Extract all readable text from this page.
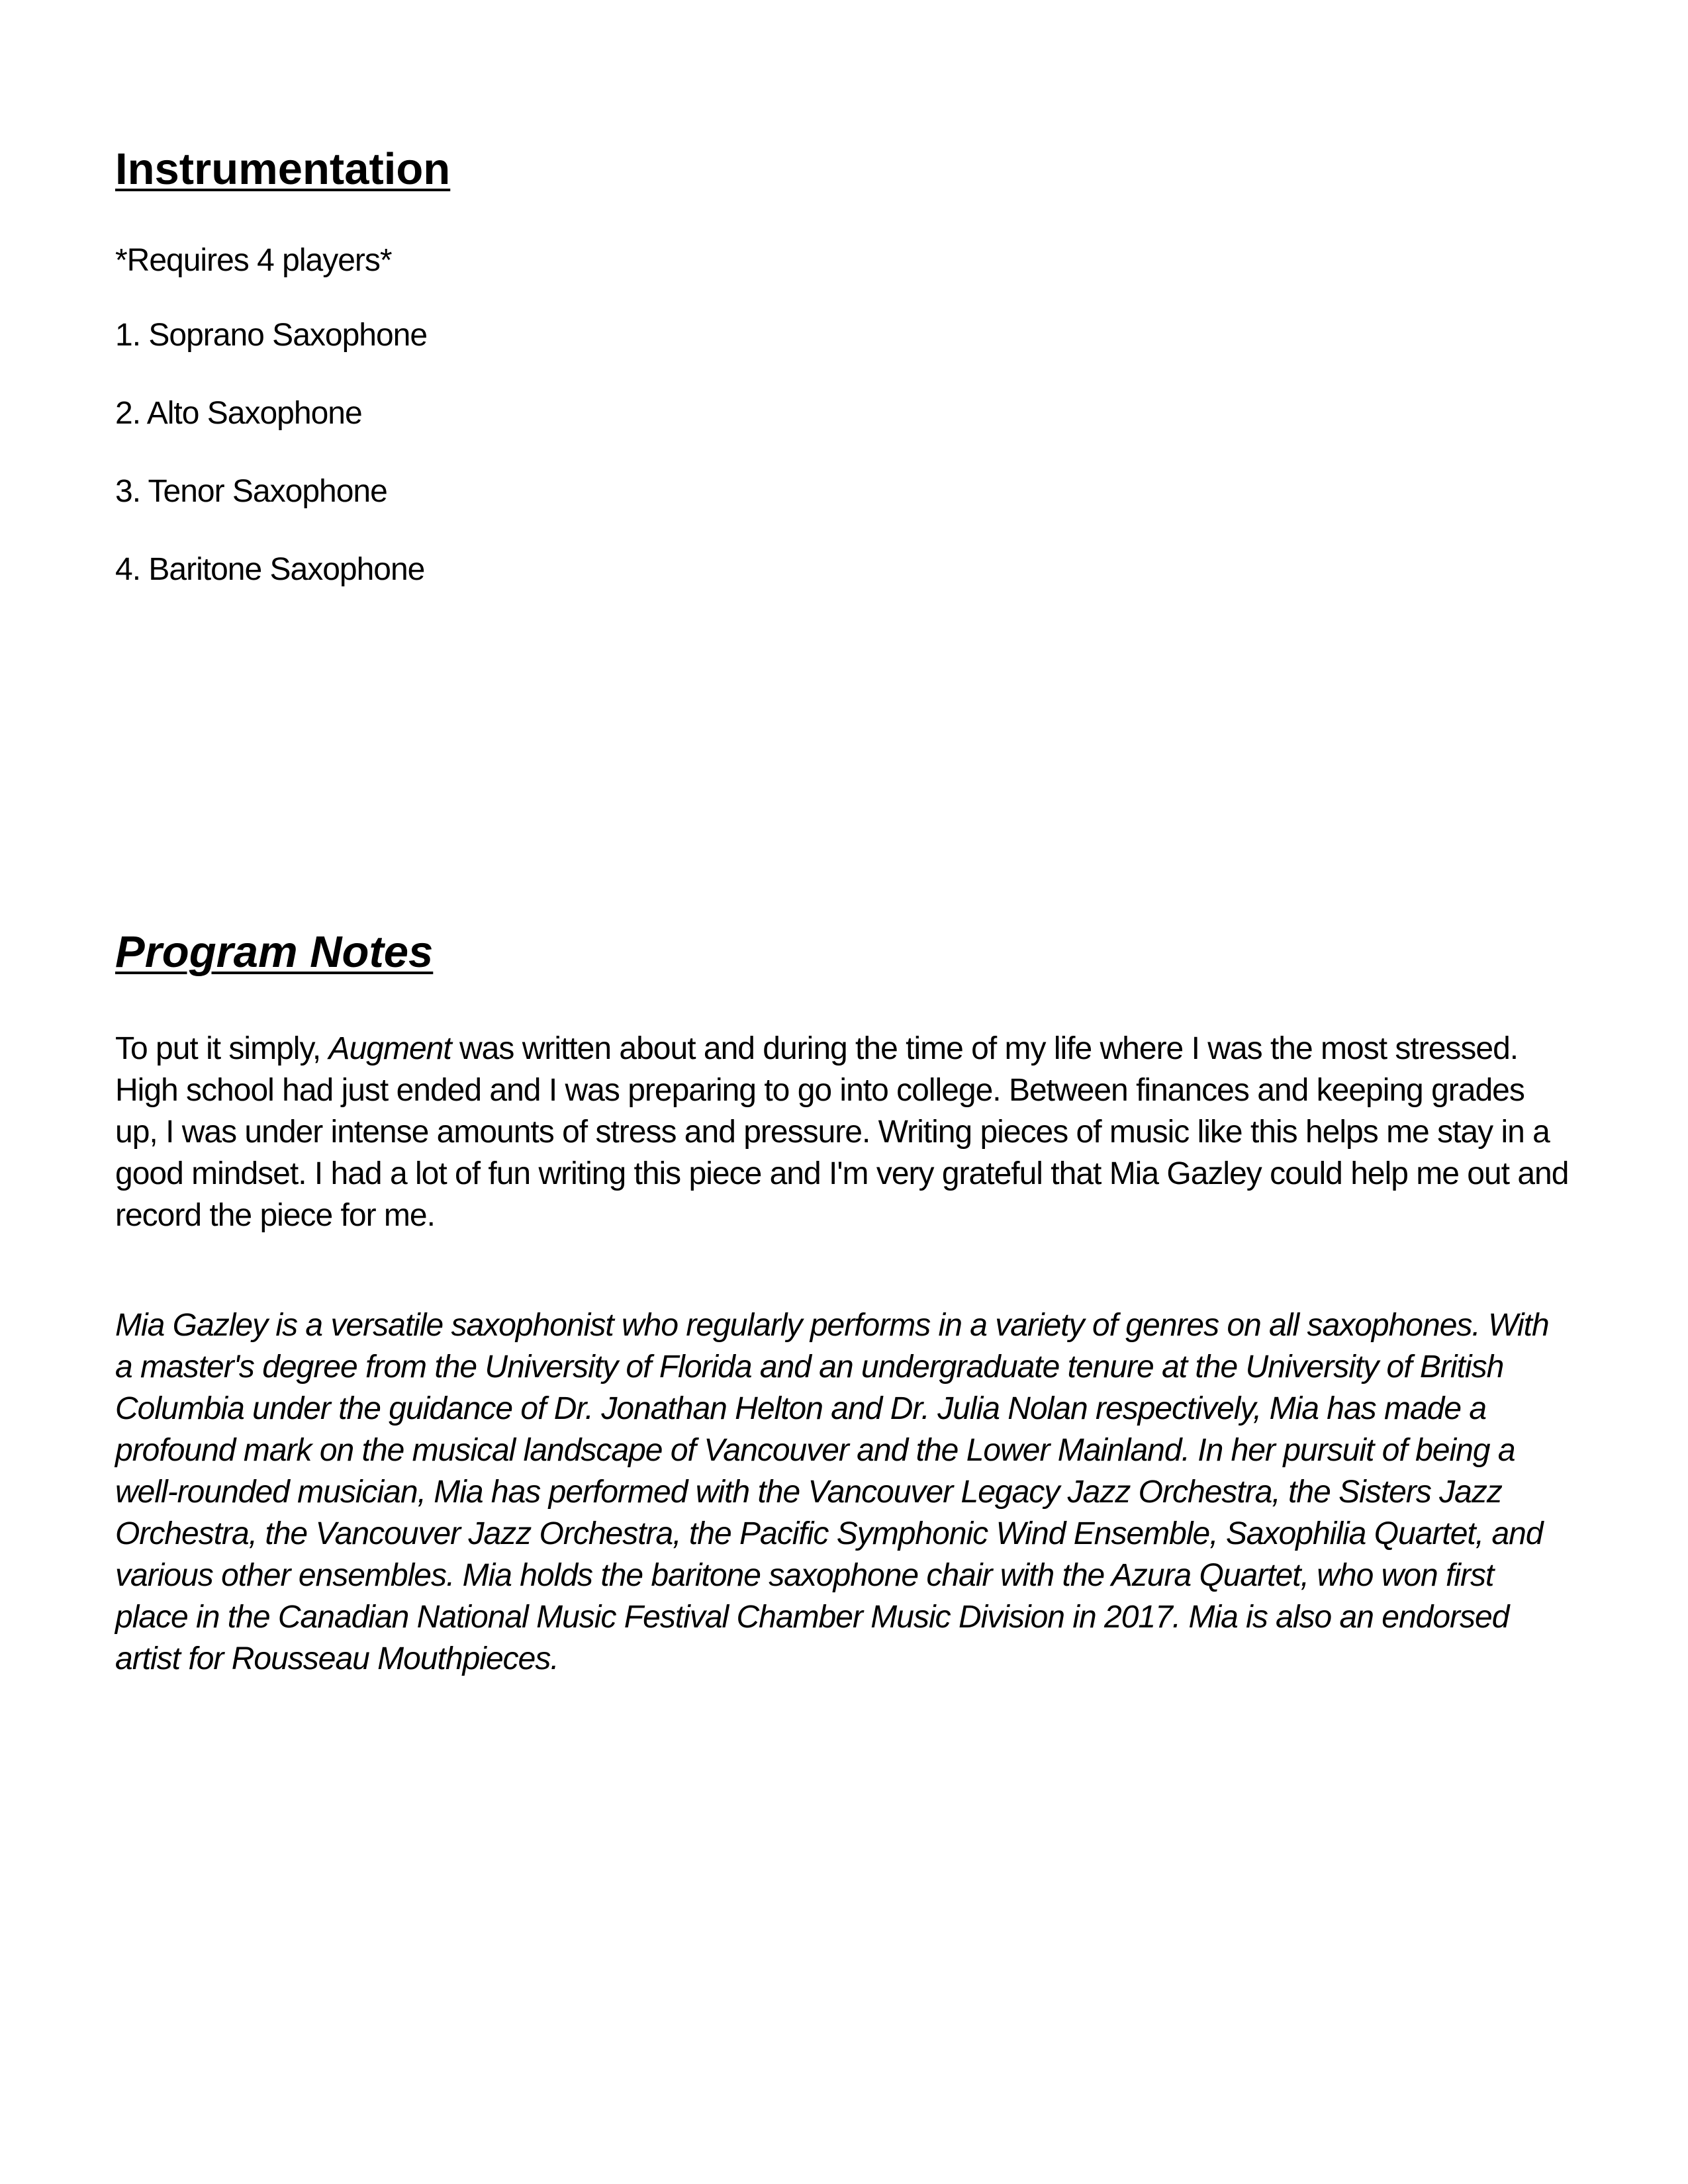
Instrumentation

*Requires 4 players*

1. Soprano Saxophone
2. Alto Saxophone
3. Tenor Saxophone
4. Baritone Saxophone
Program Notes

To put it simply, Augment was written about and during the time of my life where I was the most stressed. High school had just ended and I was preparing to go into college. Between finances and keeping grades up, I was under intense amounts of stress and pressure. Writing pieces of music like this helps me stay in a good mindset. I had a lot of fun writing this piece and I'm very grateful that Mia Gazley could help me out and record the piece for me.

Mia Gazley is a versatile saxophonist who regularly performs in a variety of genres on all saxophones. With a master's degree from the University of Florida and an undergraduate tenure at the University of British Columbia under the guidance of Dr. Jonathan Helton and Dr. Julia Nolan respectively, Mia has made a profound mark on the musical landscape of Vancouver and the Lower Mainland. In her pursuit of being a well-rounded musician, Mia has performed with the Vancouver Legacy Jazz Orchestra, the Sisters Jazz Orchestra, the Vancouver Jazz Orchestra, the Pacific Symphonic Wind Ensemble, Saxophilia Quartet, and various other ensembles. Mia holds the baritone saxophone chair with the Azura Quartet, who won first place in the Canadian National Music Festival Chamber Music Division in 2017. Mia is also an endorsed artist for Rousseau Mouthpieces.
